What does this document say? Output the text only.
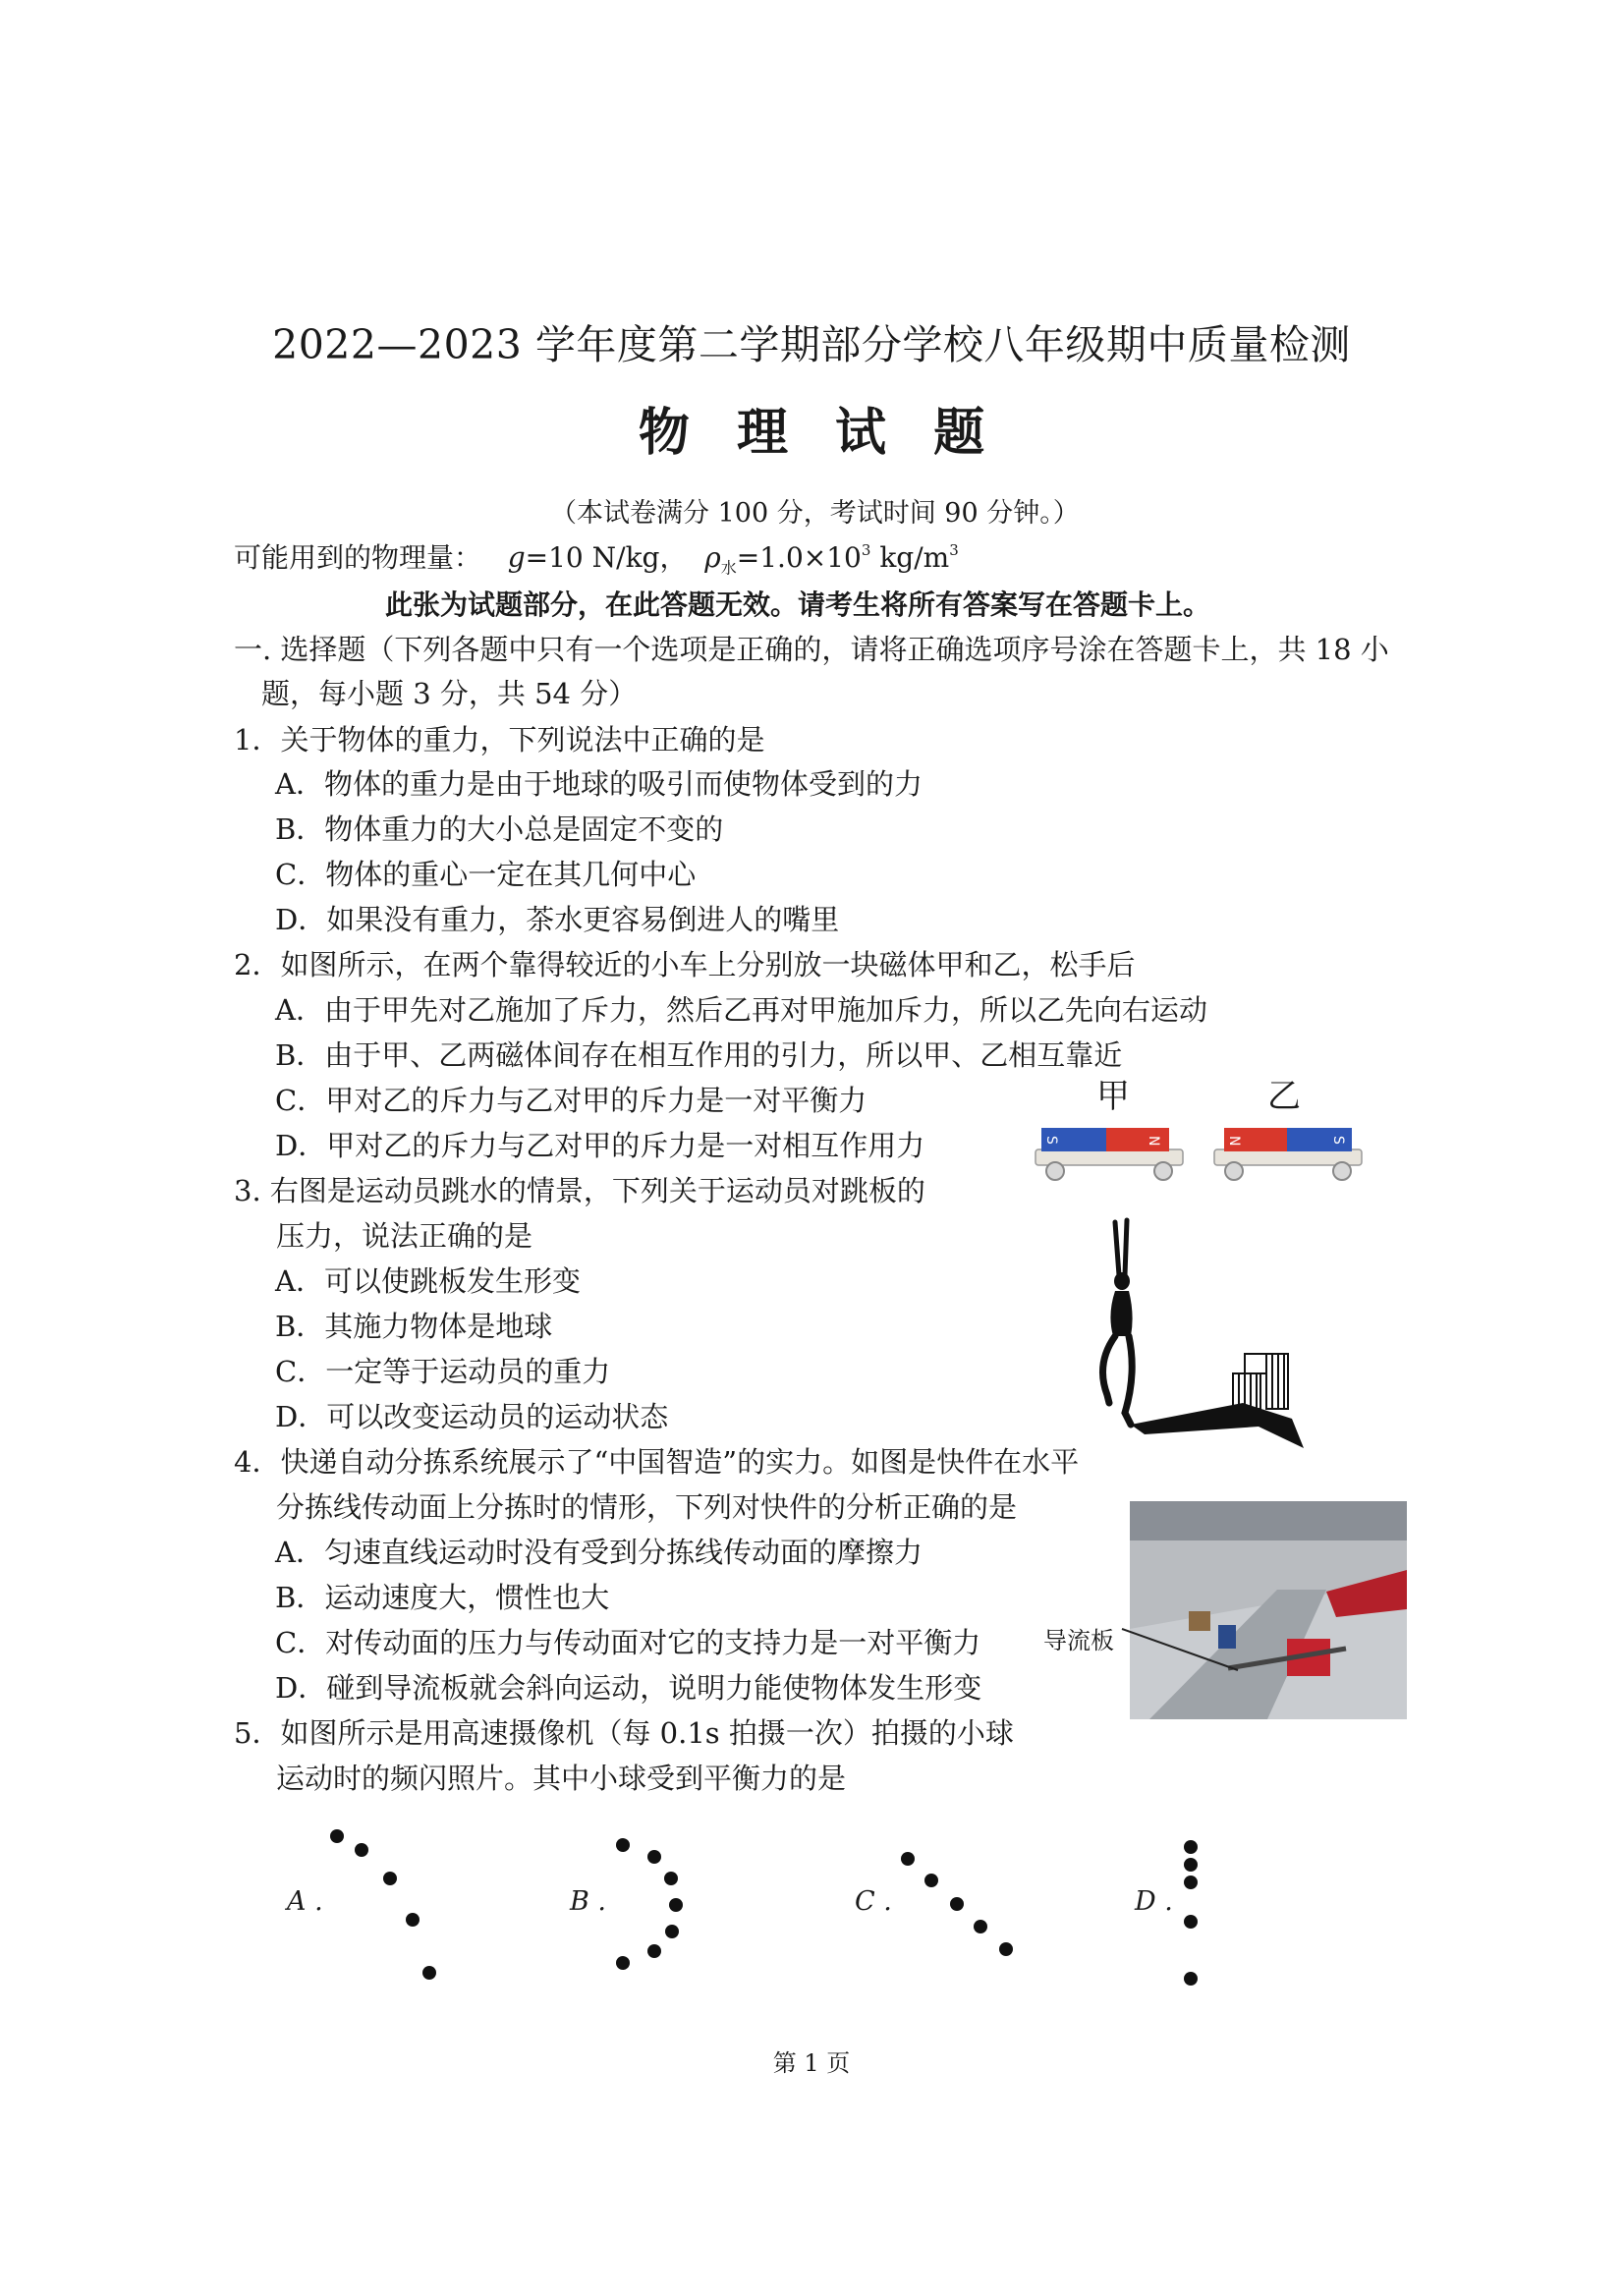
2022—2023 学年度第二学期部分学校八年级期中质量检测
物 理 试 题
（本试卷满分 100 分，考试时间 90 分钟。）
可能用到的物理量： g=10 N/kg， $\rho_水=1.0\times 10^3$ $kg/m^3$
此张为试题部分，在此答题无效。请考生将所有答案写在答题卡上。
一. 选择题（下列各题中只有一个选项是正确的，请将正确选项序号涂在答题卡上，共 18 小
题，每小题 3 分，共 54 分）
1．关于物体的重力，下列说法中正确的是
A．物体的重力是由于地球的吸引而使物体受到的力
B．物体重力的大小总是固定不变的
C．物体的重心一定在其几何中心
D．如果没有重力，茶水更容易倒进人的嘴里
2．如图所示，在两个靠得较近的小车上分别放一块磁体甲和乙，松手后
A．由于甲先对乙施加了斥力，然后乙再对甲施加斥力，所以乙先向右运动
B．由于甲、乙两磁体间存在相互作用的引力，所以甲、乙相互靠近
C．甲对乙的斥力与乙对甲的斥力是一对平衡力
D．甲对乙的斥力与乙对甲的斥力是一对相互作用力
甲	乙
S	N	N	S
3. 右图是运动员跳水的情景，下列关于运动员对跳板的
压力，说法正确的是
A．可以使跳板发生形变
B．其施力物体是地球
C．一定等于运动员的重力
D．可以改变运动员的运动状态
4．快递自动分拣系统展示了“中国智造”的实力。如图是快件在水平
分拣线传动面上分拣时的情形，下列对快件的分析正确的是
A．匀速直线运动时没有受到分拣线传动面的摩擦力
B．运动速度大，惯性也大
C．对传动面的压力与传动面对它的支持力是一对平衡力
D．碰到导流板就会斜向运动，说明力能使物体发生形变
导流板
5．如图所示是用高速摄像机（每 0.1s 拍摄一次）拍摄的小球
运动时的频闪照片。其中小球受到平衡力的是
A .	B .	C .	D .
第 1 页
